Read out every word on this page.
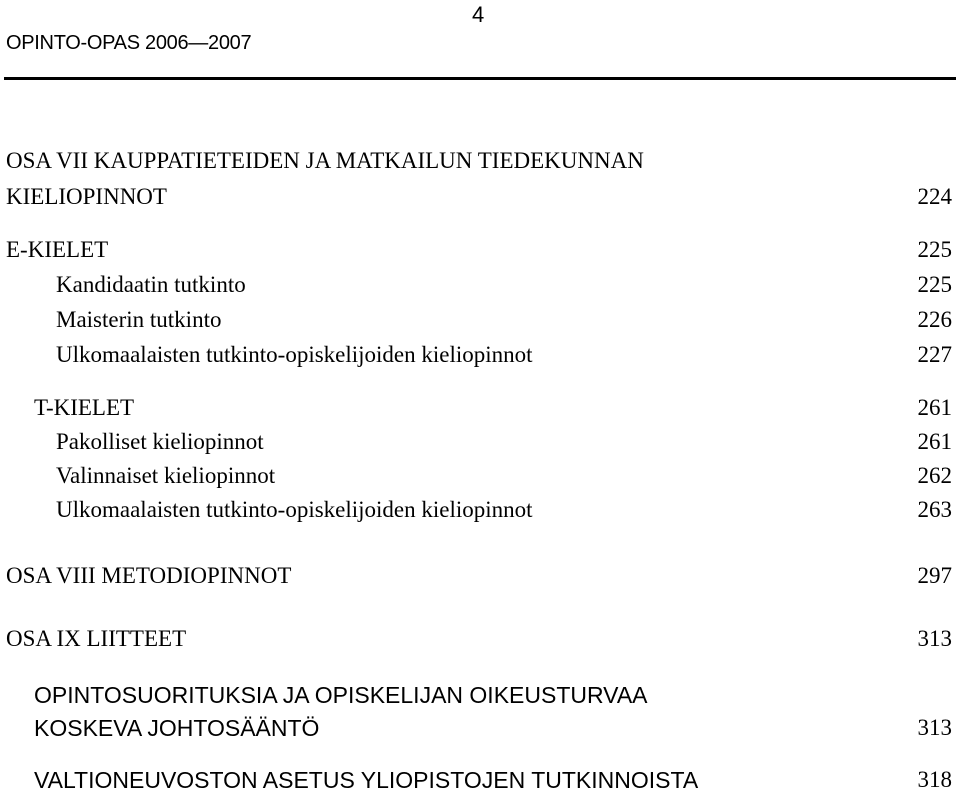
4
OPINTO-OPAS 2006—2007
OSA VII KAUPPATIETEIDEN JA MATKAILUN TIEDEKUNNAN
KIELIOPINNOT	224
E-KIELET	225
Kandidaatin tutkinto	225
Maisterin tutkinto	226
Ulkomaalaisten tutkinto-opiskelijoiden kieliopinnot	227
T-KIELET	261
Pakolliset kieliopinnot	261
Valinnaiset kieliopinnot	262
Ulkomaalaisten tutkinto-opiskelijoiden kieliopinnot	263
OSA VIII METODIOPINNOT	297
OSA IX LIITTEET	313
OPINTOSUORITUKSIA JA OPISKELIJAN OIKEUSTURVAA
KOSKEVA JOHTOSÄÄNTÖ	313
VALTIONEUVOSTON ASETUS YLIOPISTOJEN TUTKINNOISTA	318
